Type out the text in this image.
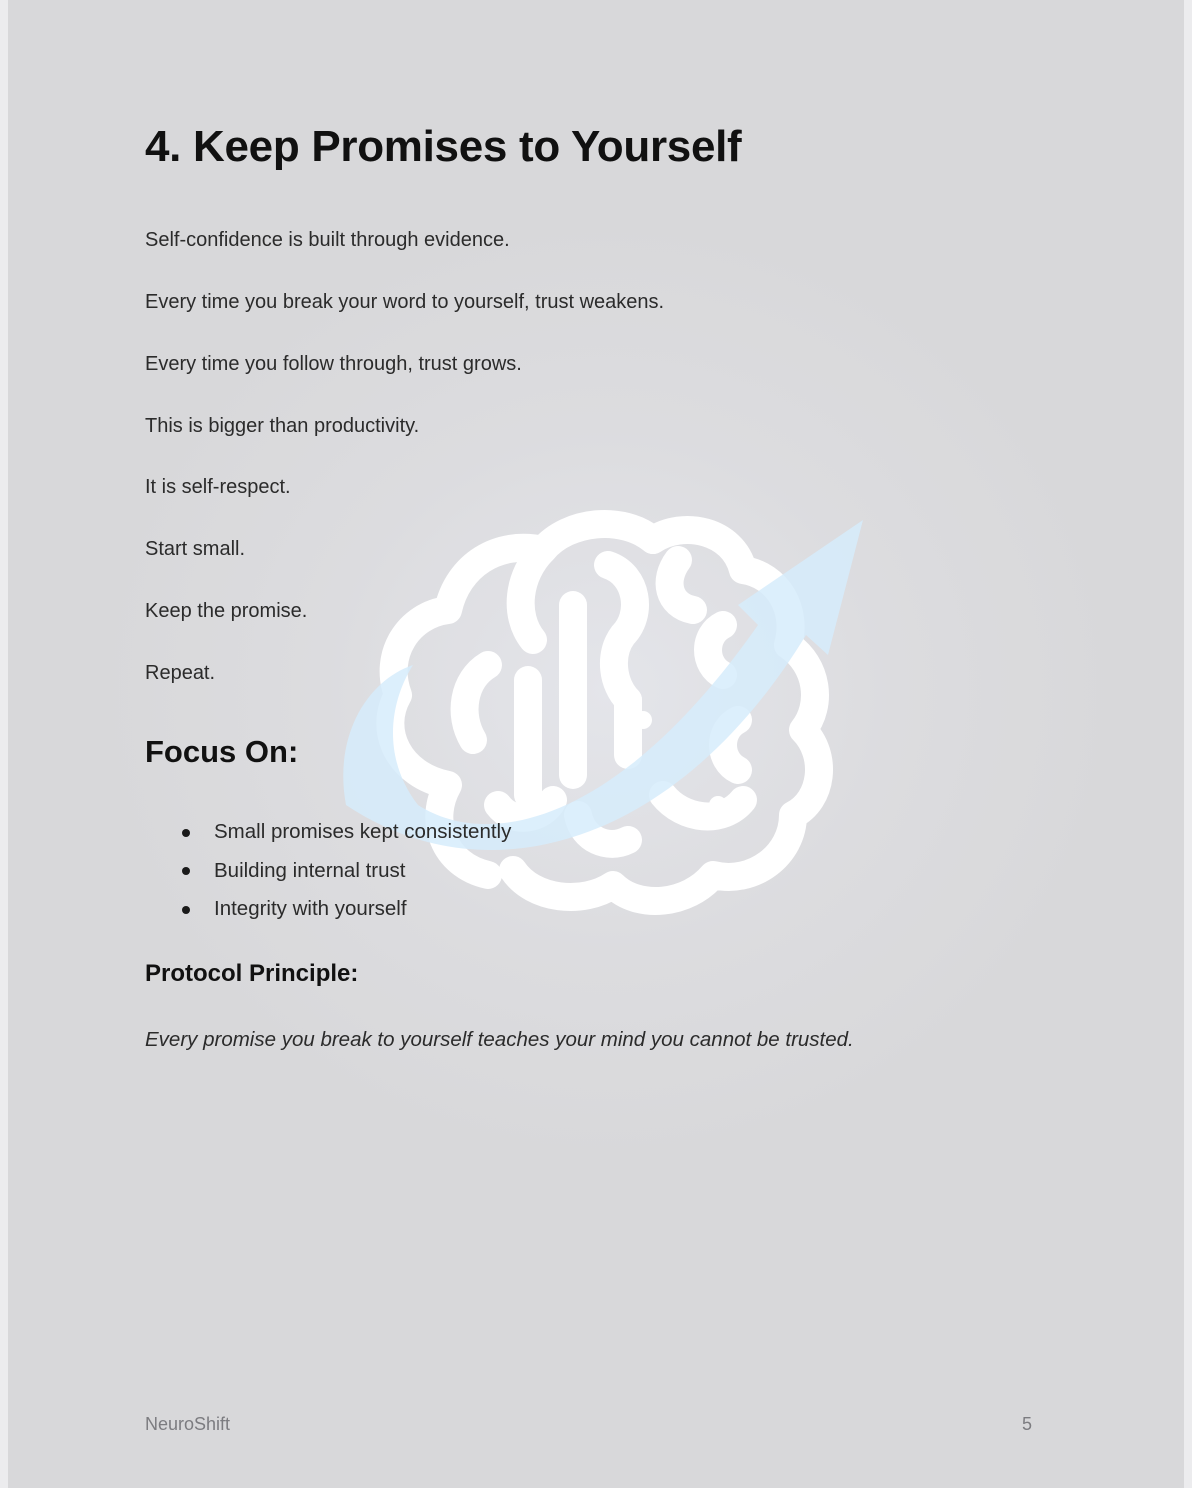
4. Keep Promises to Yourself

Self-confidence is built through evidence.

Every time you break your word to yourself, trust weakens.

Every time you follow through, trust grows.

This is bigger than productivity.

It is self-respect.

Start small.

Keep the promise.

Repeat.

Focus On:
Small promises kept consistently
Building internal trust
Integrity with yourself
Protocol Principle:

Every promise you break to yourself teaches your mind you cannot be trusted.

NeuroShift	5
